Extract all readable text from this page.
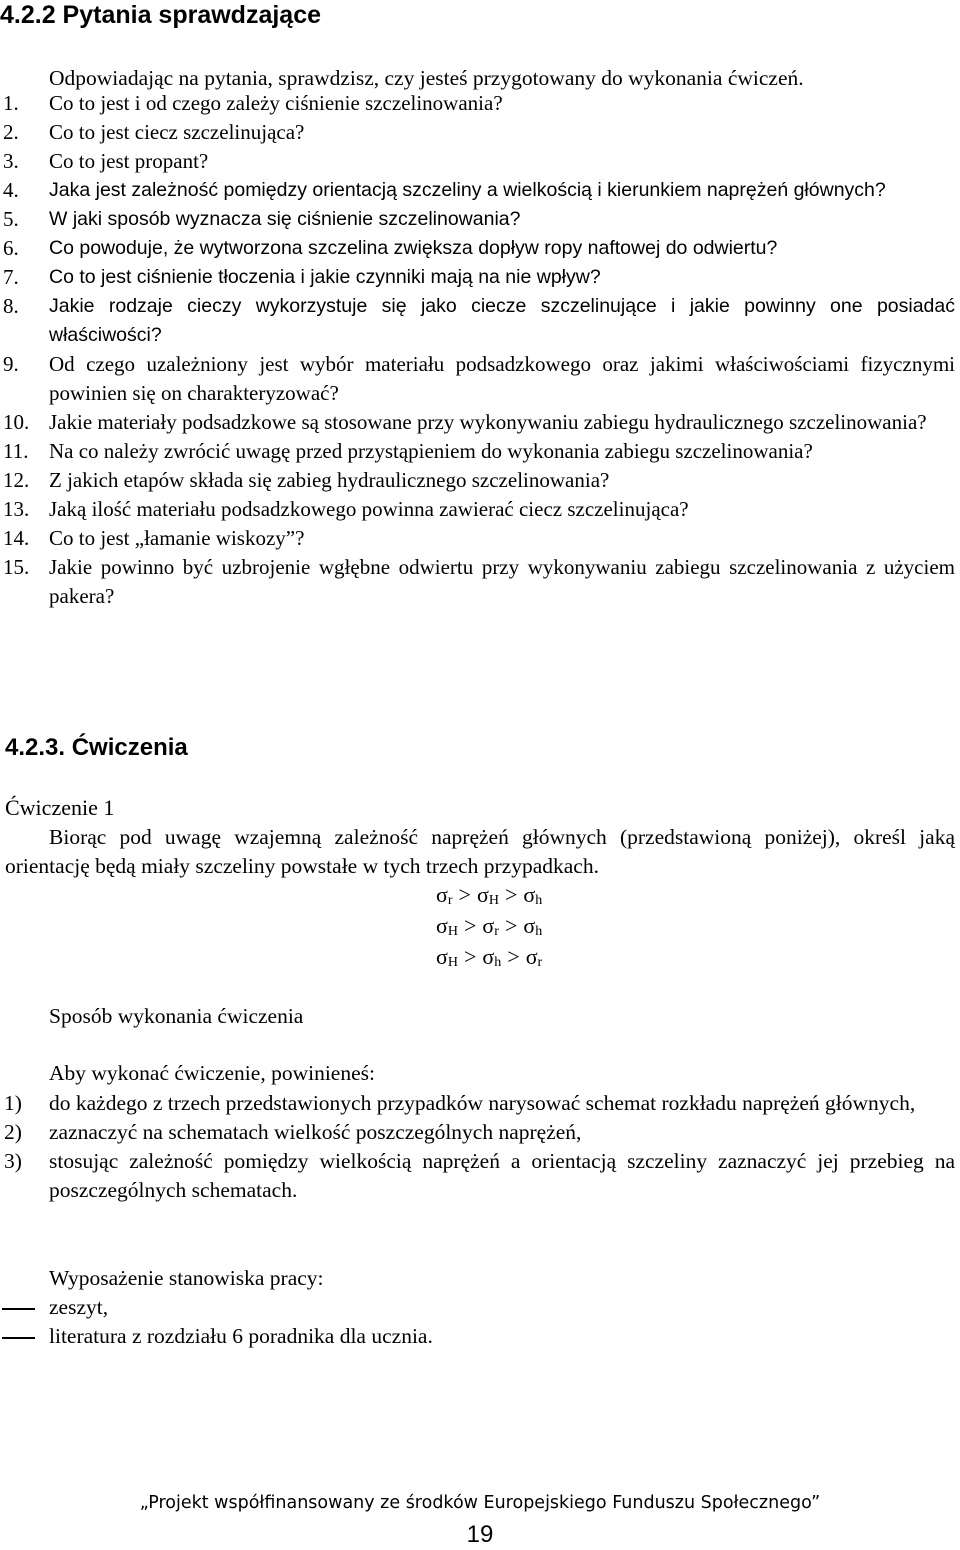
4.2.2 Pytania sprawdzające
Odpowiadając na pytania, sprawdzisz, czy jesteś przygotowany do wykonania ćwiczeń.
1.	Co to jest i od czego zależy ciśnienie szczelinowania?
2.	Co to jest ciecz szczelinująca?
3.	Co to jest propant?
4.	Jaka jest zależność pomiędzy orientacją szczeliny a wielkością i kierunkiem naprężeń głównych?
5.	W jaki sposób wyznacza się ciśnienie szczelinowania?
6.	Co powoduje, że wytworzona szczelina zwiększa dopływ ropy naftowej do odwiertu?
7.	Co to jest ciśnienie tłoczenia i jakie czynniki mają na nie wpływ?
8.	Jakie rodzaje cieczy wykorzystuje się jako ciecze szczelinujące i jakie powinny one posiadać właściwości?
9.	Od czego uzależniony jest wybór materiału podsadzkowego oraz jakimi właściwościami fizycznymi powinien się on charakteryzować?
10. Jakie materiały podsadzkowe są stosowane przy wykonywaniu zabiegu hydraulicznego szczelinowania?
11. Na co należy zwrócić uwagę przed przystąpieniem do wykonania zabiegu szczelinowania?
12. Z jakich etapów składa się zabieg hydraulicznego szczelinowania?
13. Jaką ilość materiału podsadzkowego powinna zawierać ciecz szczelinująca?
14. Co to jest „łamanie wiskozy”?
15. Jakie powinno być uzbrojenie wgłębne odwiertu przy wykonywaniu zabiegu szczelinowania z użyciem pakera?
4.2.3. Ćwiczenia
Ćwiczenie 1
Biorąc pod uwagę wzajemną zależność naprężeń głównych (przedstawioną poniżej), określ jaką orientację będą miały szczeliny powstałe w tych trzech przypadkach.
$\sigma_r > \sigma_H > \sigma_h$
$\sigma_H > \sigma_r > \sigma_h$
$\sigma_H > \sigma_h > \sigma_r$
Sposób wykonania ćwiczenia
Aby wykonać ćwiczenie, powinieneś:
1)	do każdego z trzech przedstawionych przypadków narysować schemat rozkładu naprężeń głównych,
2)	zaznaczyć na schematach wielkość poszczególnych naprężeń,
3)	stosując zależność pomiędzy wielkością naprężeń a orientacją szczeliny zaznaczyć jej przebieg na poszczególnych schematach.
Wyposażenie stanowiska pracy:
zeszyt,
literatura z rozdziału 6 poradnika dla ucznia.
„Projekt współfinansowany ze środków Europejskiego Funduszu Społecznego”
19
